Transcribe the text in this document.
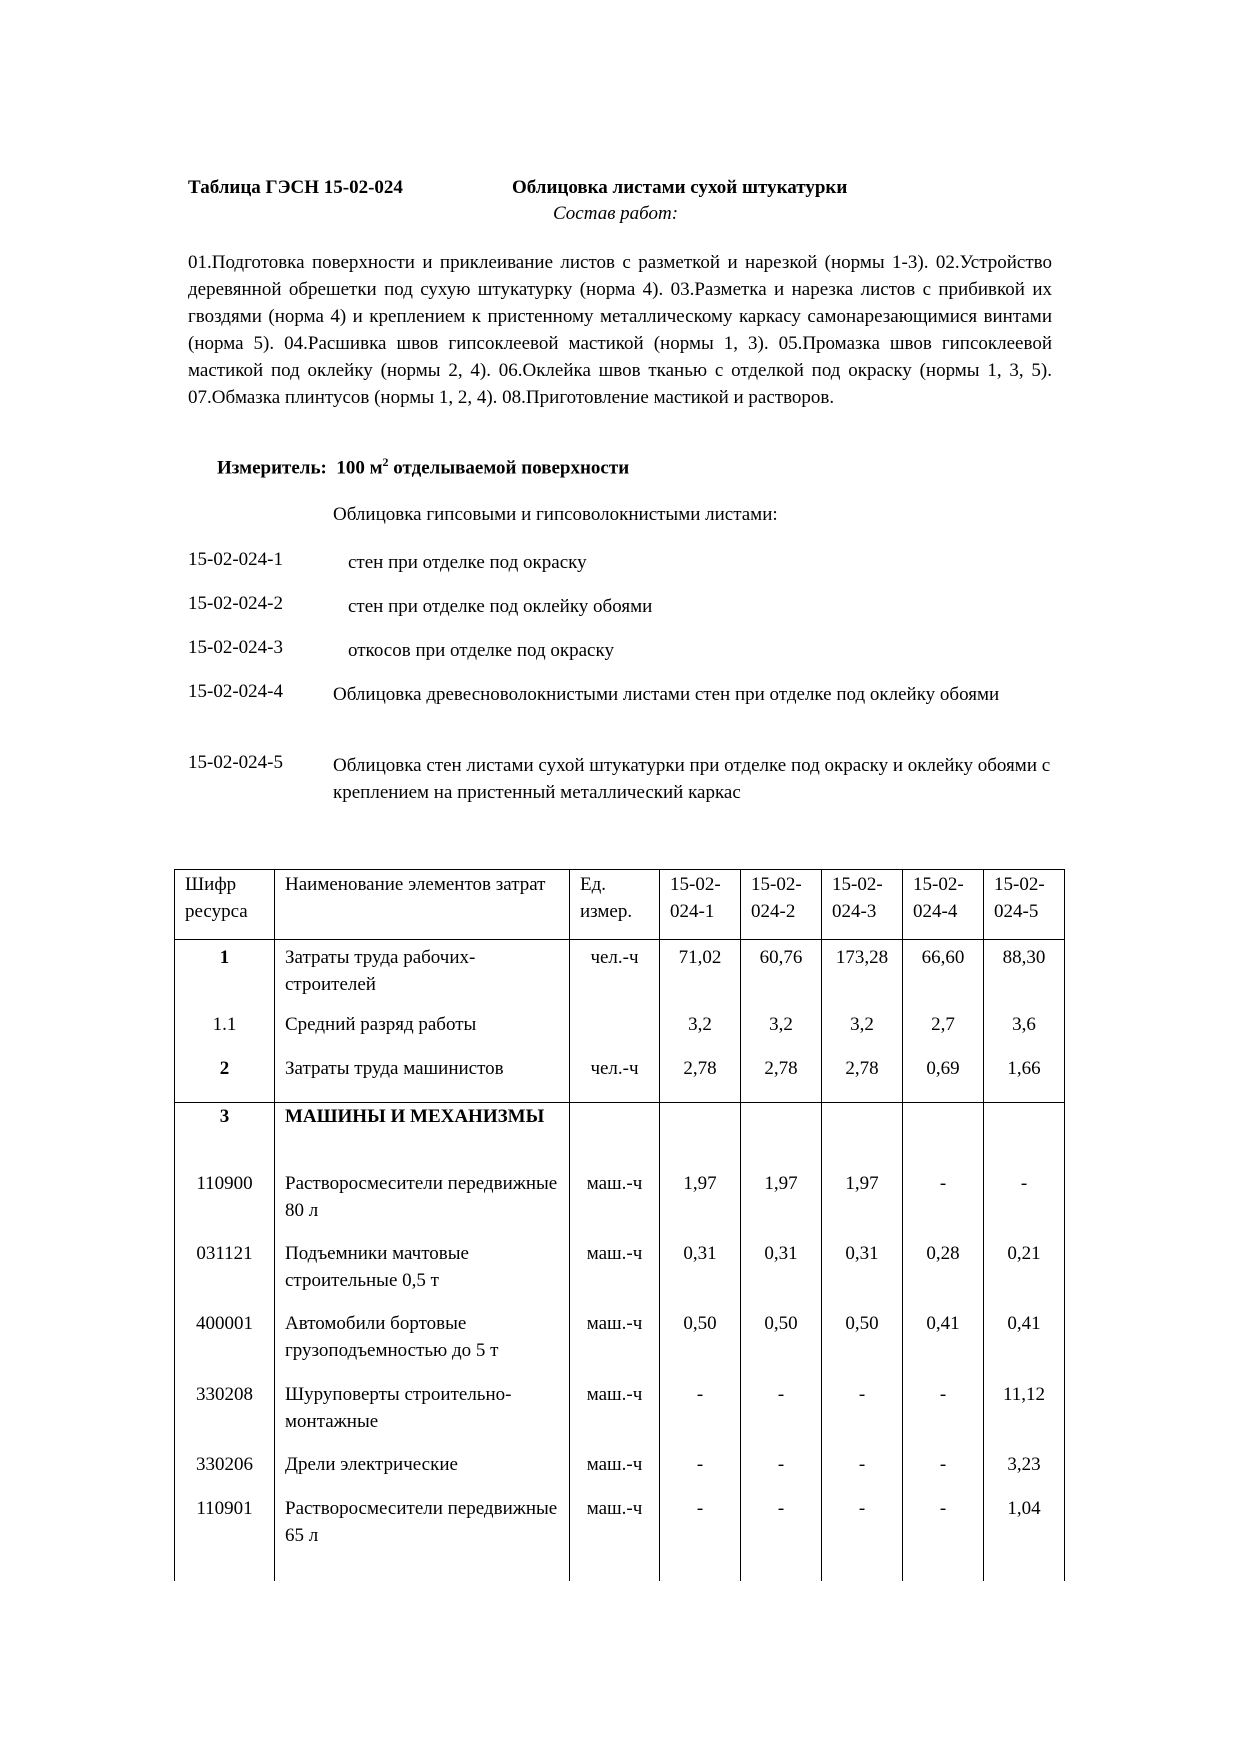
Таблица ГЭСН 15-02-024	Облицовка листами сухой штукатурки
Состав работ:
01.Подготовка поверхности и приклеивание листов с разметкой и нарезкой (нормы 1-3). 02.Устройство деревянной обрешетки под сухую штукатурку (норма 4). 03.Разметка и нарезка листов с прибивкой их гвоздями (норма 4) и креплением к пристенному металлическому каркасу самонарезающимися винтами (норма 5). 04.Расшивка швов гипсоклеевой мастикой (нормы 1, 3). 05.Промазка швов гипсоклеевой мастикой под оклейку (нормы 2, 4). 06.Оклейка швов тканью с отделкой под окраску (нормы 1, 3, 5). 07.Обмазка плинтусов (нормы 1, 2, 4). 08.Приготовление мастикой и растворов.
Измеритель: 100 $м^2$ отделываемой поверхности
Облицовка гипсовыми и гипсоволокнистыми листами:
15-02-024-1	стен при отделке под окраску
15-02-024-2	стен при отделке под оклейку обоями
15-02-024-3	откосов при отделке под окраску
15-02-024-4	Облицовка древесноволокнистыми листами стен при отделке под оклейку обоями
15-02-024-5	Облицовка стен листами сухой штукатурки при отделке под окраску и оклейку обоями с креплением на пристенный металлический каркас
Шифр ресурса	Наименование элементов затрат	Ед. измер.	15-02-024-1	15-02-024-2	15-02-024-3	15-02-024-4	15-02-024-5
1	Затраты труда рабочих-строителей	чел.-ч	71,02	60,76	173,28	66,60	88,30
1.1	Средний разряд работы		3,2	3,2	3,2	2,7	3,6
2	Затраты труда машинистов	чел.-ч	2,78	2,78	2,78	0,69	1,66
3	МАШИНЫ И МЕХАНИЗМЫ						
110900	Растворосмесители передвижные 80 л	маш.-ч	1,97	1,97	1,97	-	-
031121	Подъемники мачтовые строительные 0,5 т	маш.-ч	0,31	0,31	0,31	0,28	0,21
400001	Автомобили бортовые грузоподъемностью до 5 т	маш.-ч	0,50	0,50	0,50	0,41	0,41
330208	Шуруповерты строительно-монтажные	маш.-ч	-	-	-	-	11,12
330206	Дрели электрические	маш.-ч	-	-	-	-	3,23
110901	Растворосмесители передвижные 65 л	маш.-ч	-	-	-	-	1,04
